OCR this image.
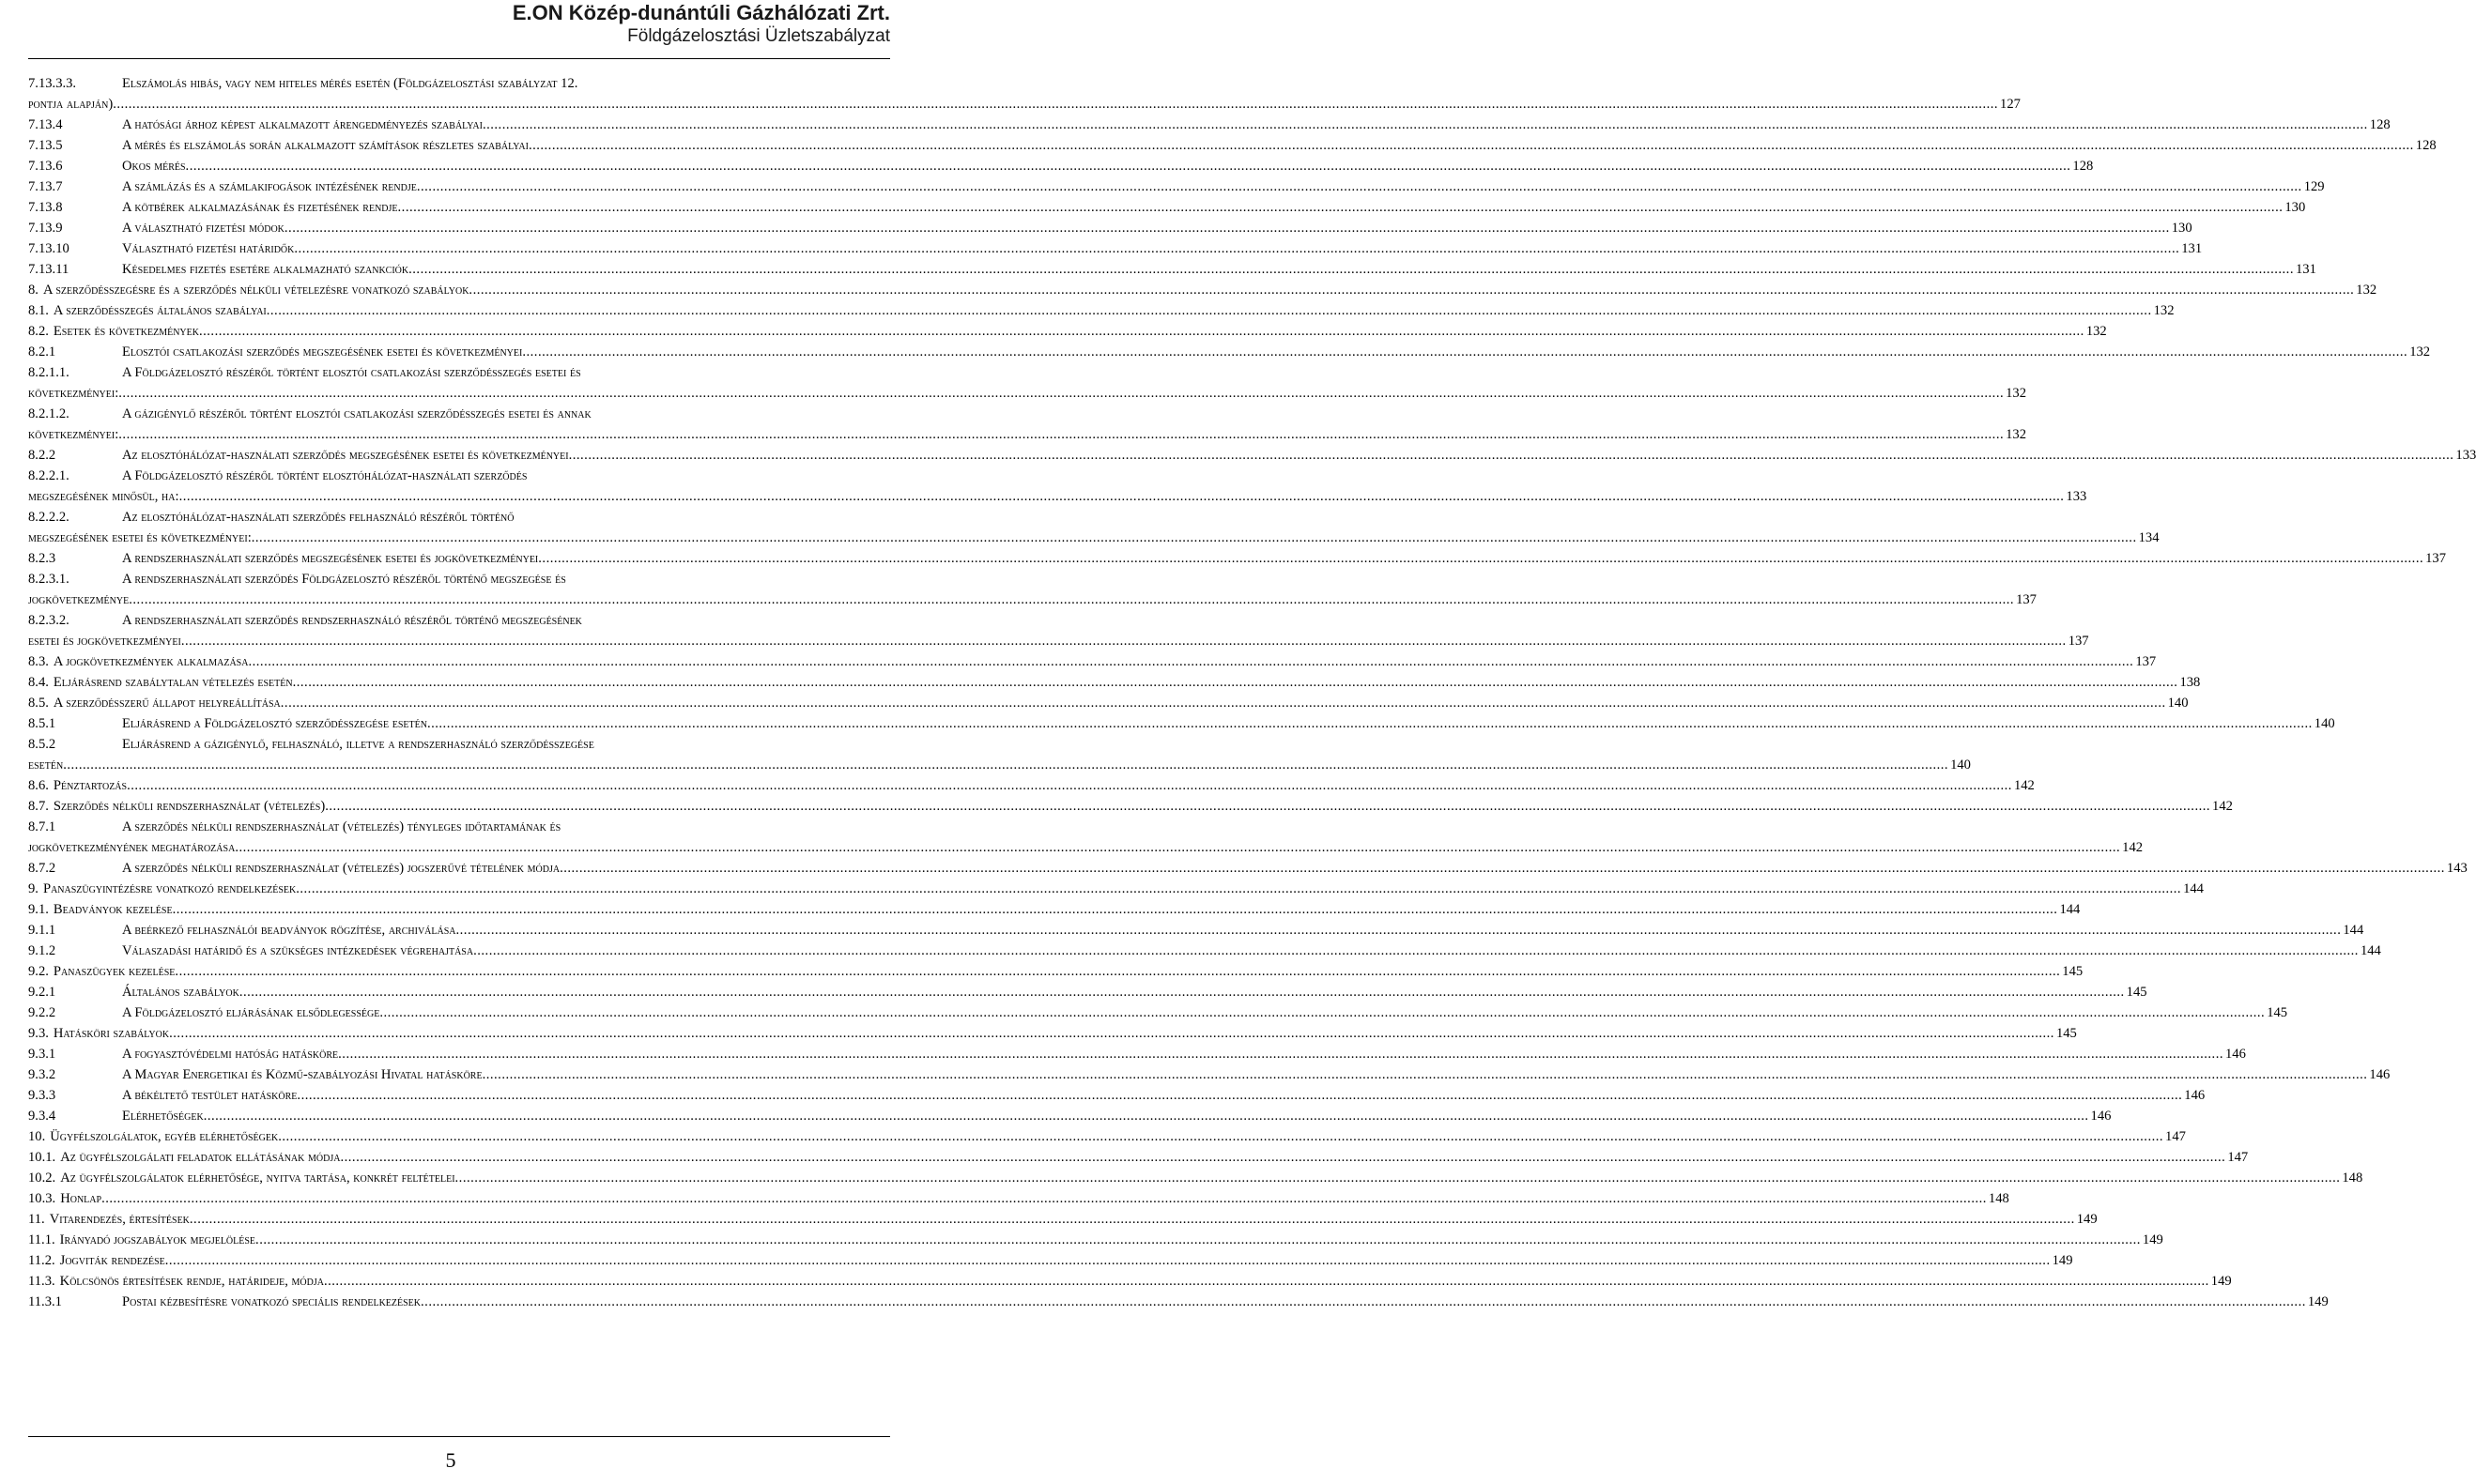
E.ON Közép-dunántúli Gázhálózati Zrt.
Földgázelosztási Üzletszabályzat
7.13.3.3.	Elszámolás hibás, vagy nem hiteles mérés esetén (Földgázelosztási szabályzat 12.
pontja alapján) .....	127
7.13.4	A hatósági árhoz képest alkalmazott árengedményezés szabályai .....	128
7.13.5	A mérés és elszámolás során alkalmazott számítások részletes szabályai .....	128
7.13.6	Okos mérés .....	128
7.13.7	A számlázás és a számlakifogások intézésének rendje .....	129
7.13.8	A kötbérek alkalmazásának és fizetésének rendje .....	130
7.13.9	A választható fizetési módok .....	130
7.13.10	Választható fizetési határidők .....	131
7.13.11	Késedelmes fizetés esetére alkalmazható szankciók .....	131
8. A szerződésszegésre és a szerződés nélküli vételezésre vonatkozó szabályok .....	132
8.1. A szerződésszegés általános szabályai .....	132
8.2. Esetek és következmények .....	132
8.2.1	Elosztói csatlakozási szerződés megszegésének esetei és következményei .....	132
8.2.1.1.	A Földgázelosztó részéről történt elosztói csatlakozási szerződésszegés esetei és
következményei: .....	132
8.2.1.2.	A gázigénylő részéről történt elosztói csatlakozási szerződésszegés esetei és annak
következményei: .....	132
8.2.2	Az elosztóhálózat-használati szerződés megszegésének esetei és következményei .....	133
8.2.2.1.	A Földgázelosztó részéről történt elosztóhálózat-használati szerződés
megszegésének minősül, ha: .....	133
8.2.2.2.	Az elosztóhálózat-használati szerződés felhasználó részéről történő
megszegésének esetei és következményei: .....	134
8.2.3	A rendszerhasználati szerződés megszegésének esetei és jogkövetkezményei .....	137
8.2.3.1.	A rendszerhasználati szerződés Földgázelosztó részéről történő megszegése és
jogkövetkezménye .....	137
8.2.3.2.	A rendszerhasználati szerződés rendszerhasználó részéről történő megszegésének
esetei és jogkövetkezményei .....	137
8.3. A jogkövetkezmények alkalmazása .....	137
8.4. Eljárásrend szabálytalan vételezés esetén .....	138
8.5. A szerződésszerű állapot helyreállítása .....	140
8.5.1	Eljárásrend a Földgázelosztó szerződésszegése esetén .....	140
8.5.2	Eljárásrend a gázigénylő, felhasználó, illetve a rendszerhasználó szerződésszegése
esetén .....	140
8.6. Pénztartozás .....	142
8.7. Szerződés nélküli rendszerhasználat (vételezés) .....	142
8.7.1	A szerződés nélküli rendszerhasználat (vételezés) tényleges időtartamának és
jogkövetkezményének meghatározása .....	142
8.7.2	A szerződés nélküli rendszerhasználat (vételezés) jogszerűvé tételének módja .....	143
9. Panaszügyintézésre vonatkozó rendelkezések .....	144
9.1. Beadványok kezelése .....	144
9.1.1	A beérkező felhasználói beadványok rögzítése, archiválása .....	144
9.1.2	Válaszadási határidő és a szükséges intézkedések végrehajtása .....	144
9.2. Panaszügyek kezelése .....	145
9.2.1	Általános szabályok .....	145
9.2.2	A Földgázelosztó eljárásának elsődlegessége .....	145
9.3. Hatásköri szabályok .....	145
9.3.1	A fogyasztóvédelmi hatóság hatásköre .....	146
9.3.2	A Magyar Energetikai és Közmű-szabályozási Hivatal hatásköre .....	146
9.3.3	A békéltető testület hatásköre .....	146
9.3.4	Elérhetőségek .....	146
10. Ügyfélszolgálatok, egyéb elérhetőségek .....	147
10.1. Az ügyfélszolgálati feladatok ellátásának módja .....	147
10.2. Az ügyfélszolgálatok elérhetősége, nyitva tartása, konkrét feltételei .....	148
10.3. Honlap .....	148
11. Vitarendezés, értesítések .....	149
11.1. Irányadó jogszabályok megjelölése .....	149
11.2. Jogviták rendezése .....	149
11.3. Kölcsönös értesítések rendje, határideje, módja .....	149
11.3.1	Postai kézbesítésre vonatkozó speciális rendelkezések .....	149
5
